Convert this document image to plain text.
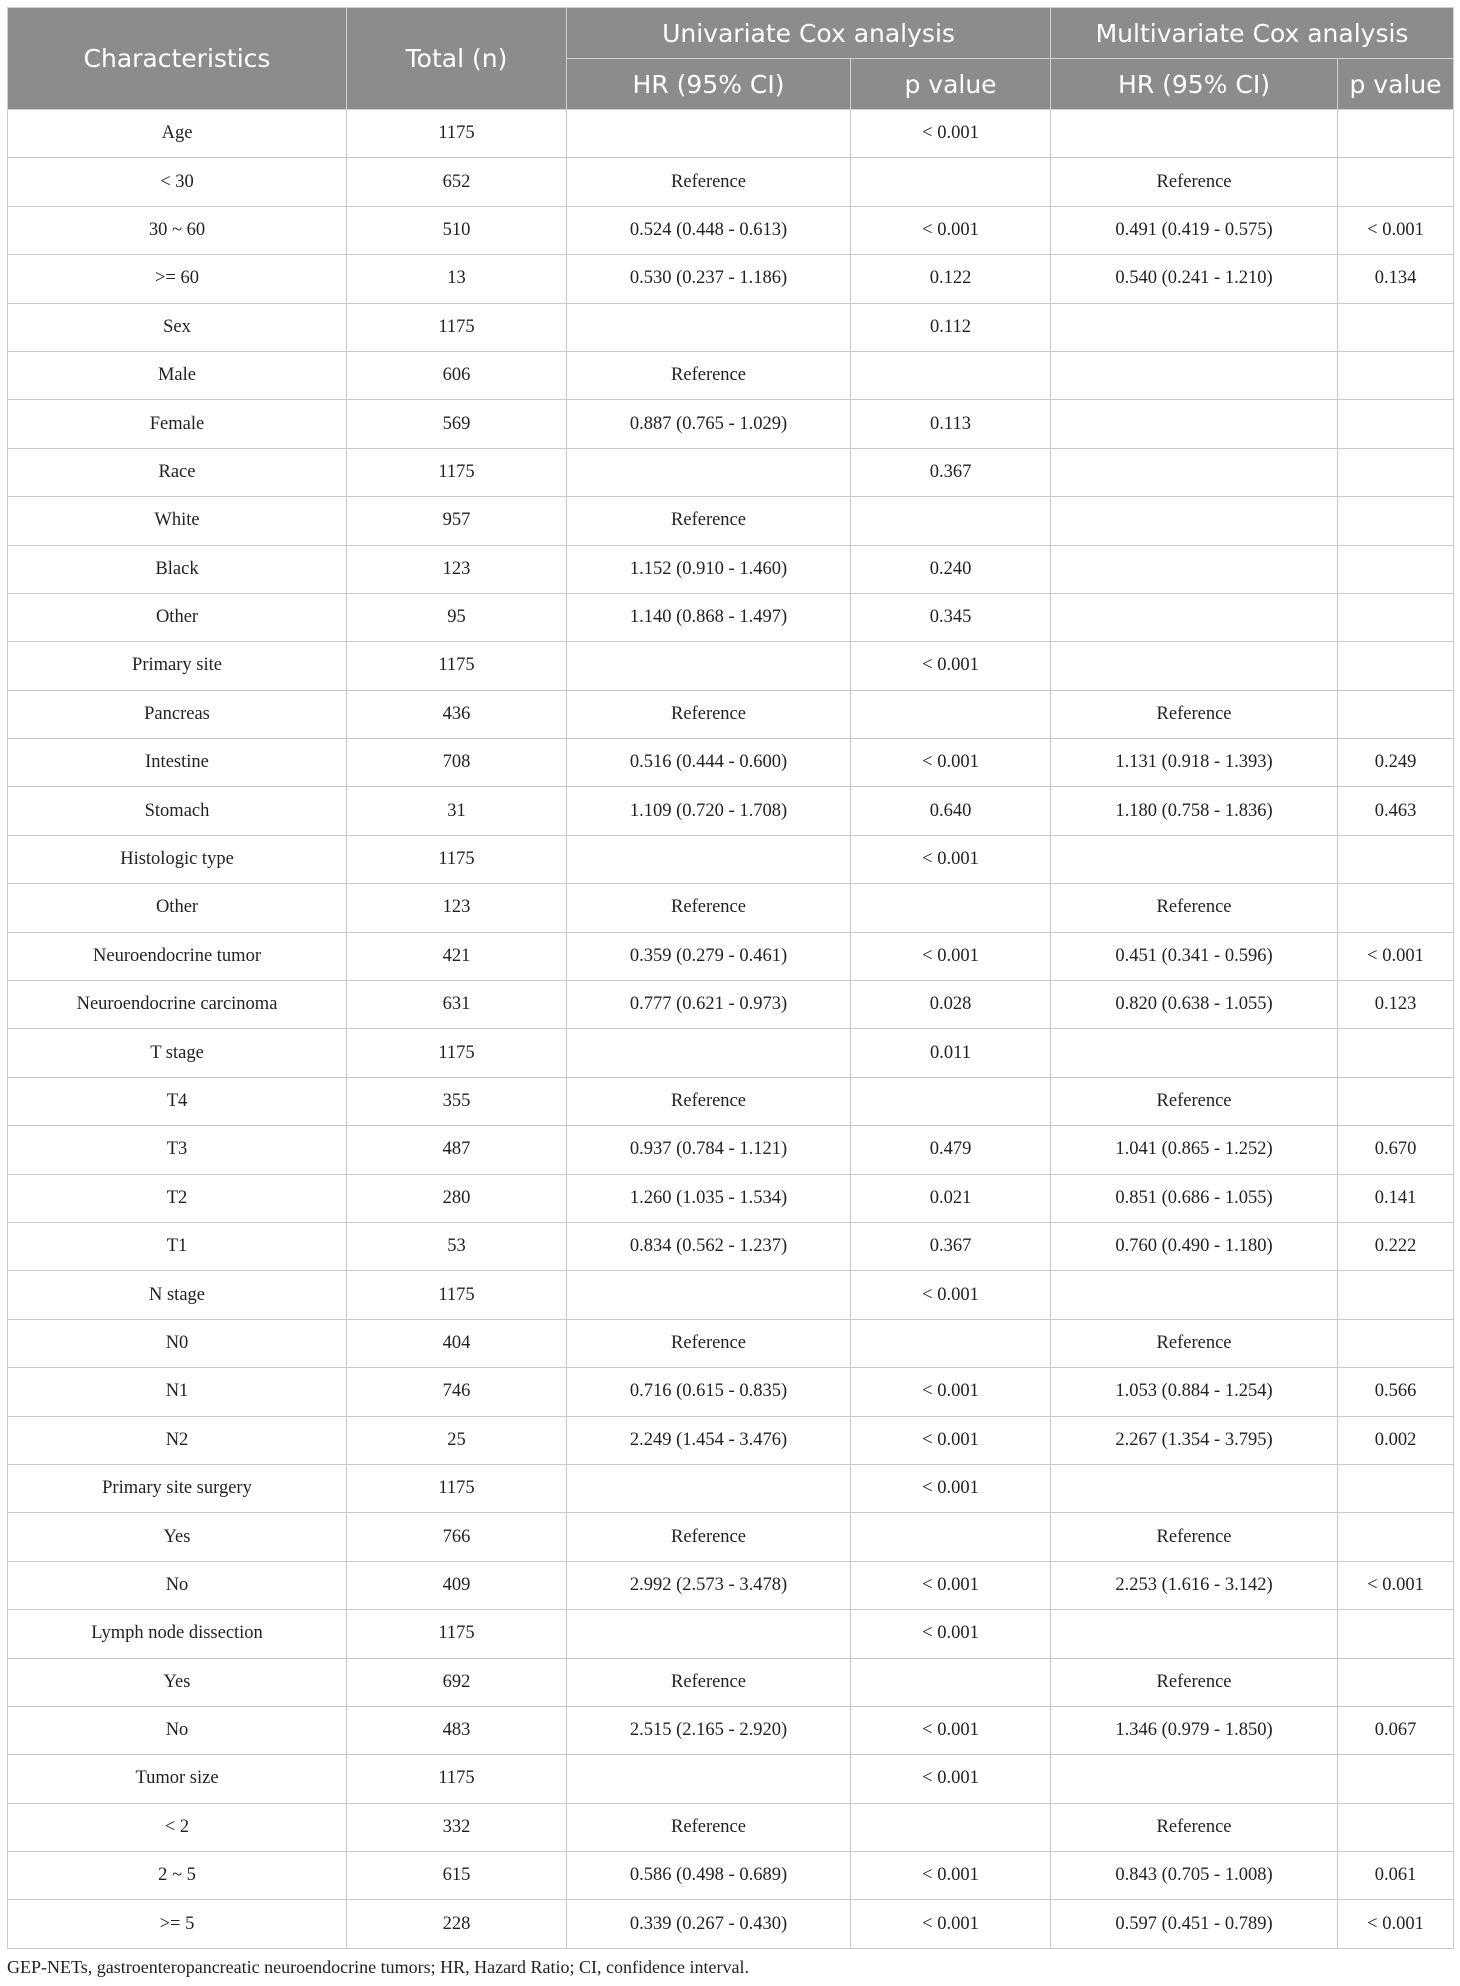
Characteristics	Total (n)	Univariate Cox analysis		Multivariate Cox analysis	
		HR (95% CI)	p value	HR (95% CI)	p value
Age	1175		< 0.001		
< 30	652	Reference		Reference	
30 ~ 60	510	0.524 (0.448 - 0.613)	< 0.001	0.491 (0.419 - 0.575)	< 0.001
>= 60	13	0.530 (0.237 - 1.186)	0.122	0.540 (0.241 - 1.210)	0.134
Sex	1175		0.112		
Male	606	Reference			
Female	569	0.887 (0.765 - 1.029)	0.113		
Race	1175		0.367		
White	957	Reference			
Black	123	1.152 (0.910 - 1.460)	0.240		
Other	95	1.140 (0.868 - 1.497)	0.345		
Primary site	1175		< 0.001		
Pancreas	436	Reference		Reference	
Intestine	708	0.516 (0.444 - 0.600)	< 0.001	1.131 (0.918 - 1.393)	0.249
Stomach	31	1.109 (0.720 - 1.708)	0.640	1.180 (0.758 - 1.836)	0.463
Histologic type	1175		< 0.001		
Other	123	Reference		Reference	
Neuroendocrine tumor	421	0.359 (0.279 - 0.461)	< 0.001	0.451 (0.341 - 0.596)	< 0.001
Neuroendocrine carcinoma	631	0.777 (0.621 - 0.973)	0.028	0.820 (0.638 - 1.055)	0.123
T stage	1175		0.011		
T4	355	Reference		Reference	
T3	487	0.937 (0.784 - 1.121)	0.479	1.041 (0.865 - 1.252)	0.670
T2	280	1.260 (1.035 - 1.534)	0.021	0.851 (0.686 - 1.055)	0.141
T1	53	0.834 (0.562 - 1.237)	0.367	0.760 (0.490 - 1.180)	0.222
N stage	1175		< 0.001		
N0	404	Reference		Reference	
N1	746	0.716 (0.615 - 0.835)	< 0.001	1.053 (0.884 - 1.254)	0.566
N2	25	2.249 (1.454 - 3.476)	< 0.001	2.267 (1.354 - 3.795)	0.002
Primary site surgery	1175		< 0.001		
Yes	766	Reference		Reference	
No	409	2.992 (2.573 - 3.478)	< 0.001	2.253 (1.616 - 3.142)	< 0.001
Lymph node dissection	1175		< 0.001		
Yes	692	Reference		Reference	
No	483	2.515 (2.165 - 2.920)	< 0.001	1.346 (0.979 - 1.850)	0.067
Tumor size	1175		< 0.001		
< 2	332	Reference		Reference	
2 ~ 5	615	0.586 (0.498 - 0.689)	< 0.001	0.843 (0.705 - 1.008)	0.061
>= 5	228	0.339 (0.267 - 0.430)	< 0.001	0.597 (0.451 - 0.789)	< 0.001
GEP-NETs, gastroenteropancreatic neuroendocrine tumors; HR, Hazard Ratio; CI, confidence interval.
